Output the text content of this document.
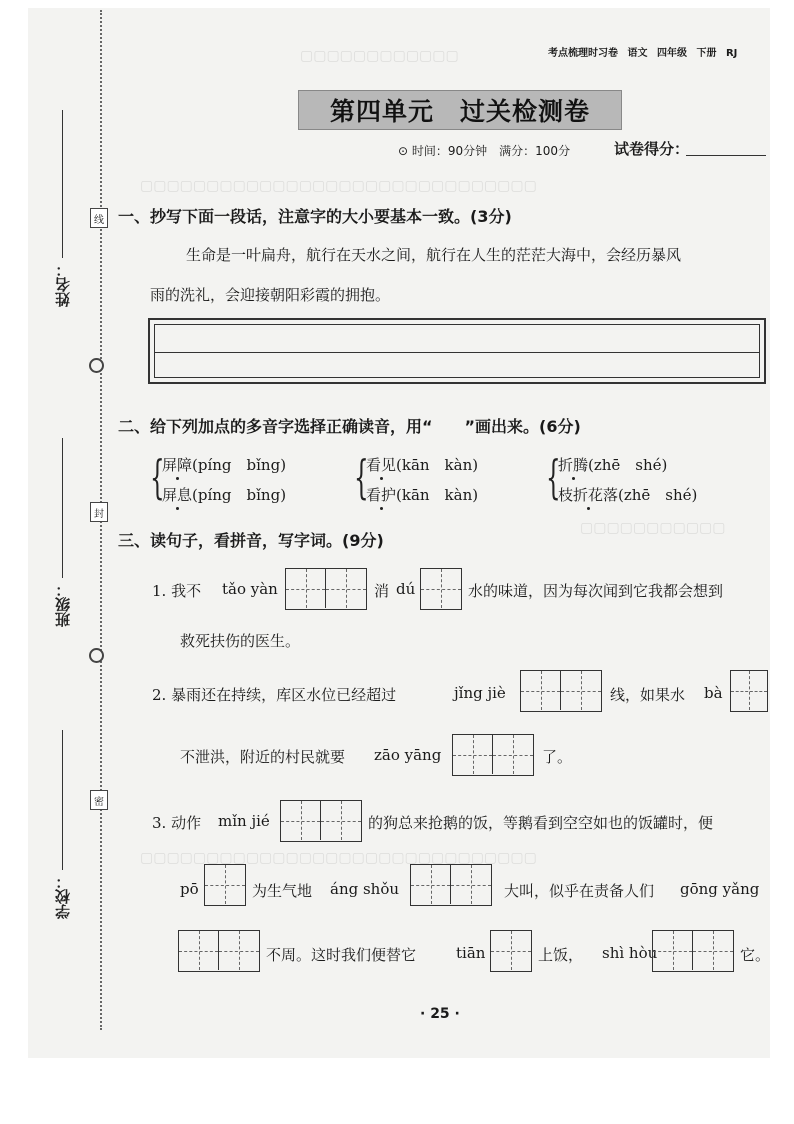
▢▢▢▢▢▢▢▢▢▢▢▢
▢▢▢▢▢▢▢▢▢▢▢▢▢▢▢▢▢▢▢▢▢▢▢▢▢▢▢▢▢▢
▢▢▢▢▢▢▢▢▢▢▢
▢▢▢▢▢▢▢▢▢▢▢▢▢▢▢▢▢▢▢▢▢▢▢▢▢▢▢▢▢▢
线
封
密
姓名：
班级：
学校：
考点梳理时习卷 语文 四年级 下册 RJ
第四单元　过关检测卷
⊙ 时间：90分钟　满分：100分	试卷得分：
一、抄写下面一段话，注意字的大小要基本一致。(3分)
生命是一叶扁舟，航行在天水之间，航行在人生的茫茫大海中，会经历暴风
雨的洗礼，会迎接朝阳彩霞的拥抱。
二、给下列加点的多音字选择正确读音，用“　　”画出来。(6分)
{
屏障(píng　bǐng)
屏息(píng　bǐng) {
看见(kān　kàn)
看护(kān　kàn) {
折腾(zhē　shé)
枝折花落(zhē　shé)
三、读句子，看拼音，写字词。(9分)
1. 我不 tǎo yàn	消 dú	水的味道，因为每次闻到它我都会想到
救死扶伤的医生。
2. 暴雨还在持续，库区水位已经超过	jǐng jiè	线，如果水 bà
不泄洪，附近的村民就要 zāo yāng	了。
3. 动作 mǐn jié	的狗总来抢鹅的饭，等鹅看到空空如也的饭罐时，便
pō	为生气地 áng shǒu	大叫，似乎在责备人们 gōng yǎng
不周。这时我们便替它	tiān	上饭， shì hòu	它。
· 25 ·
